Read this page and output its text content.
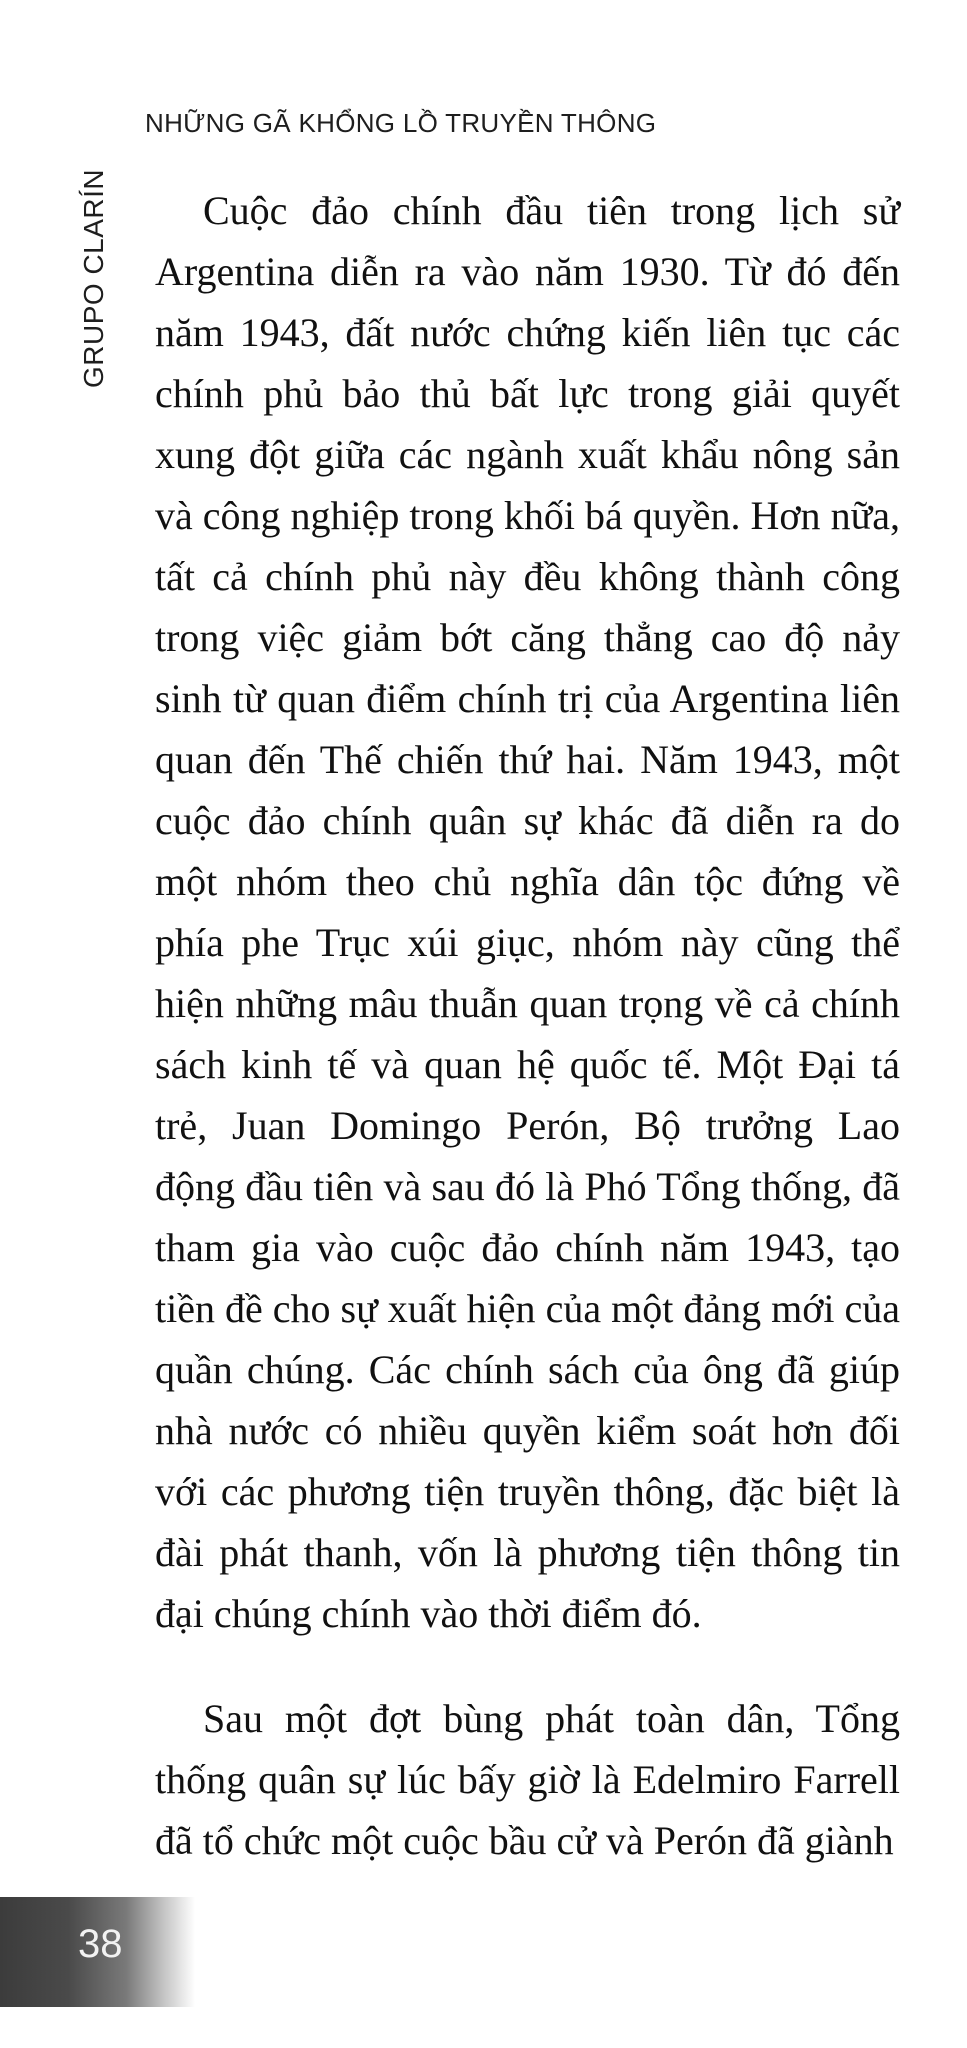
NHỮNG GÃ KHỔNG LỒ TRUYỀN THÔNG
GRUPO CLARÍN	Cuộc đảo chính đầu tiên trong lịch sử Argentina diễn ra vào năm 1930. Từ đó đến năm 1943, đất nước chứng kiến liên tục các chính phủ bảo thủ bất lực trong giải quyết xung đột giữa các ngành xuất khẩu nông sản và công nghiệp trong khối bá quyền. Hơn nữa, tất cả chính phủ này đều không thành công trong việc giảm bớt căng thẳng cao độ nảy sinh từ quan điểm chính trị của Argentina liên quan đến Thế chiến thứ hai. Năm 1943, một cuộc đảo chính quân sự khác đã diễn ra do một nhóm theo chủ nghĩa dân tộc đứng về phía phe Trục xúi giục, nhóm này cũng thể hiện những mâu thuẫn quan trọng về cả chính sách kinh tế và quan hệ quốc tế. Một Đại tá trẻ, Juan Domingo Perón, Bộ trưởng Lao động đầu tiên và sau đó là Phó Tổng thống, đã tham gia vào cuộc đảo chính năm 1943, tạo tiền đề cho sự xuất hiện của một đảng mới của quần chúng. Các chính sách của ông đã giúp nhà nước có nhiều quyền kiểm soát hơn đối với các phương tiện truyền thông, đặc biệt là đài phát thanh, vốn là phương tiện thông tin đại chúng chính vào thời điểm đó.

Sau một đợt bùng phát toàn dân, Tổng thống quân sự lúc bấy giờ là Edelmiro Farrell đã tổ chức một cuộc bầu cử và Perón đã giành

38
